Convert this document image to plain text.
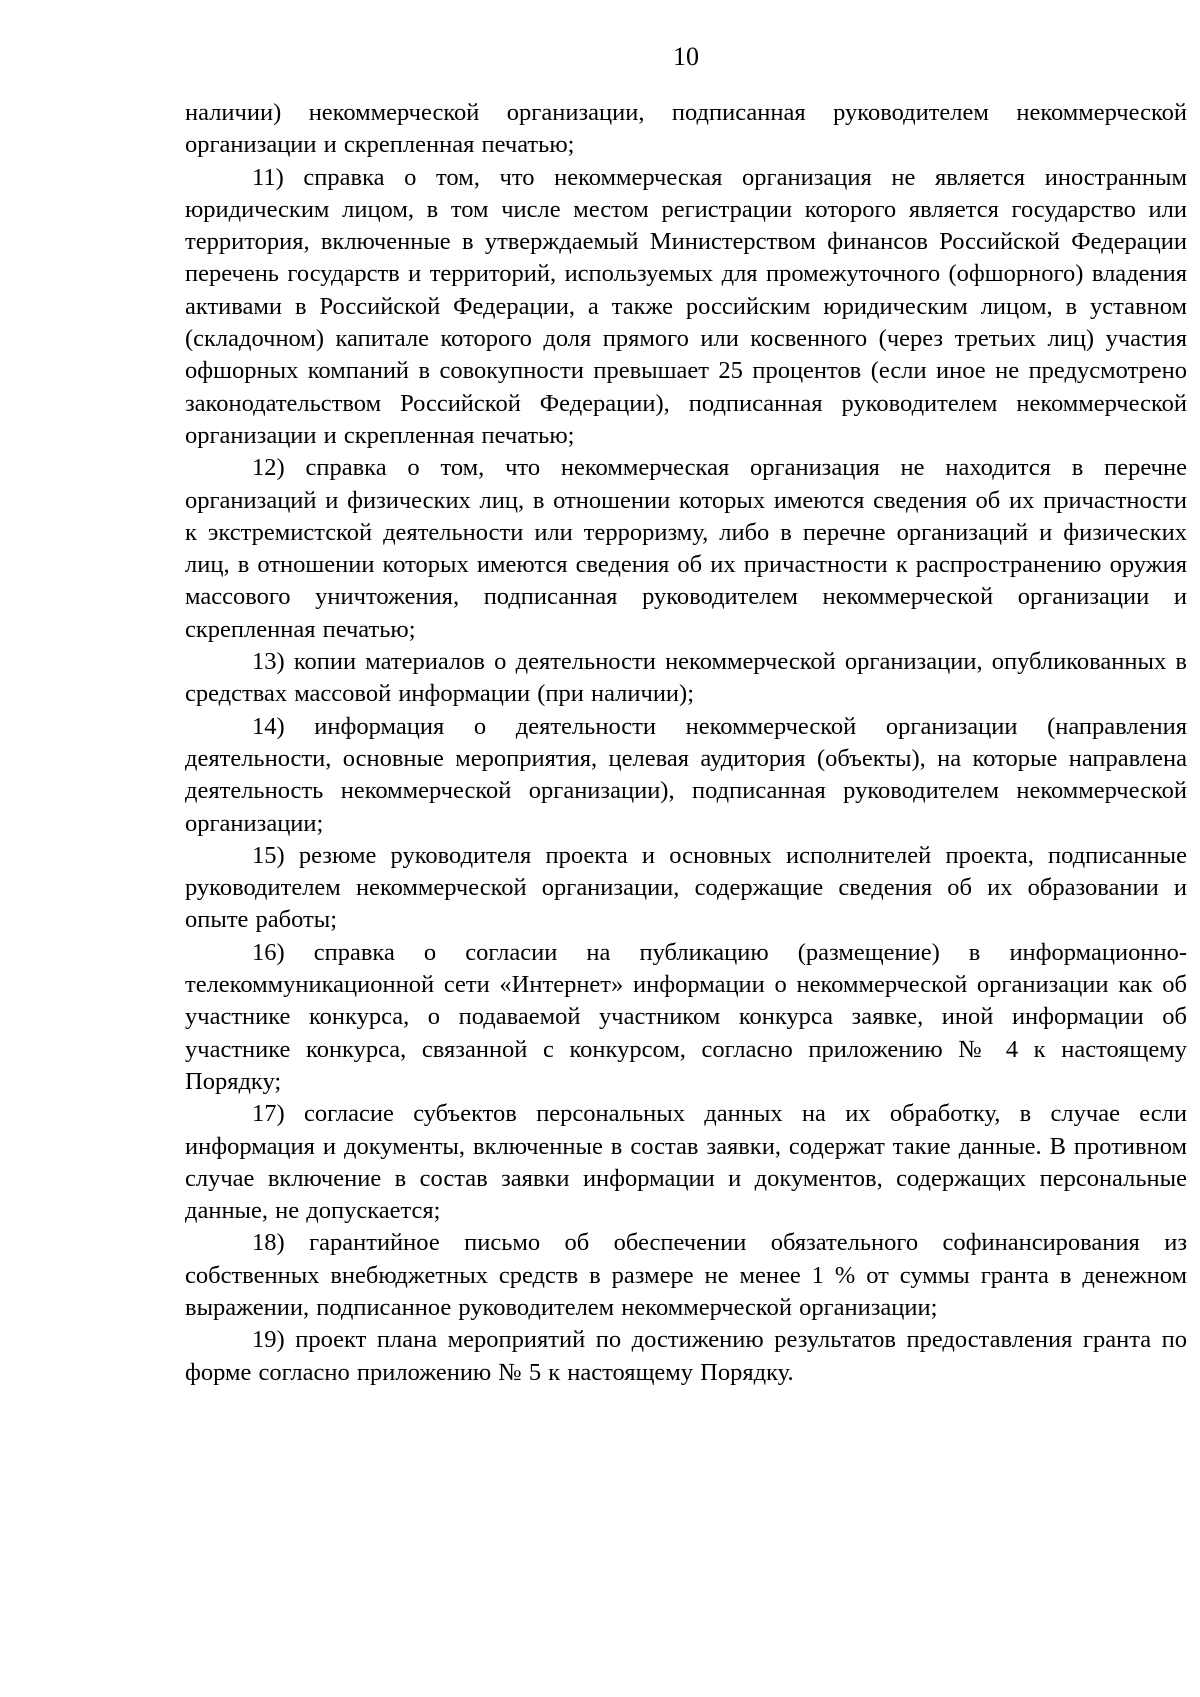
10

наличии) некоммерческой организации, подписанная руководителем некоммерческой организации и скрепленная печатью;

11) справка о том, что некоммерческая организация не является иностранным юридическим лицом, в том числе местом регистрации которого является государство или территория, включенные в утверждаемый Министерством финансов Российской Федерации перечень государств и территорий, используемых для промежуточного (офшорного) владения активами в Российской Федерации, а также российским юридическим лицом, в уставном (складочном) капитале которого доля прямого или косвенного (через третьих лиц) участия офшорных компаний в совокупности превышает 25 процентов (если иное не предусмотрено законодательством Российской Федерации), подписанная руководителем некоммерческой организации и скрепленная печатью;

12) справка о том, что некоммерческая организация не находится в перечне организаций и физических лиц, в отношении которых имеются сведения об их причастности к экстремистской деятельности или терроризму, либо в перечне организаций и физических лиц, в отношении которых имеются сведения об их причастности к распространению оружия массового уничтожения, подписанная руководителем некоммерческой организации и скрепленная печатью;

13) копии материалов о деятельности некоммерческой организации, опубликованных в средствах массовой информации (при наличии);

14) информация о деятельности некоммерческой организации (направления деятельности, основные мероприятия, целевая аудитория (объекты), на которые направлена деятельность некоммерческой организации), подписанная руководителем некоммерческой организации;

15) резюме руководителя проекта и основных исполнителей проекта, подписанные руководителем некоммерческой организации, содержащие сведения об их образовании и опыте работы;

16) справка о согласии на публикацию (размещение) в информационно-телекоммуникационной сети «Интернет» информации о некоммерческой организации как об участнике конкурса, о подаваемой участником конкурса заявке, иной информации об участнике конкурса, связанной с конкурсом, согласно приложению № 4 к настоящему Порядку;

17) согласие субъектов персональных данных на их обработку, в случае если информация и документы, включенные в состав заявки, содержат такие данные. В противном случае включение в состав заявки информации и документов, содержащих персональные данные, не допускается;

18) гарантийное письмо об обеспечении обязательного софинансирования из собственных внебюджетных средств в размере не менее 1 % от суммы гранта в денежном выражении, подписанное руководителем некоммерческой организации;

19) проект плана мероприятий по достижению результатов предоставления гранта по форме согласно приложению № 5 к настоящему Порядку.
